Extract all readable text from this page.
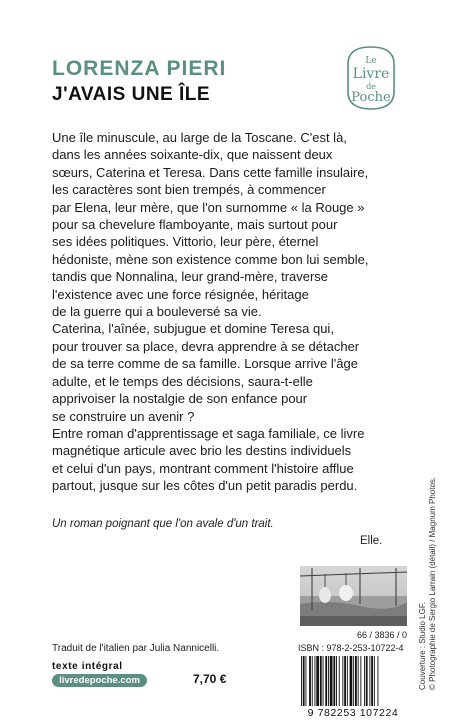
LORENZA PIERI
J'AVAIS UNE ÎLE
Le
Livre
de
Poche

Une île minuscule, au large de la Toscane. C'est là,
dans les années soixante-dix, que naissent deux
sœurs, Caterina et Teresa. Dans cette famille insulaire,
les caractères sont bien trempés, à commencer
par Elena, leur mère, que l'on surnomme « la Rouge »
pour sa chevelure flamboyante, mais surtout pour
ses idées politiques. Vittorio, leur père, éternel
hédoniste, mène son existence comme bon lui semble,
tandis que Nonnalina, leur grand-mère, traverse
l'existence avec une force résignée, héritage
de la guerre qui a bouleversé sa vie.

Caterina, l'aînée, subjugue et domine Teresa qui,
pour trouver sa place, devra apprendre à se détacher
de sa terre comme de sa famille. Lorsque arrive l'âge
adulte, et le temps des décisions, saura-t-elle
apprivoiser la nostalgie de son enfance pour
se construire un avenir ?

Entre roman d'apprentissage et saga familiale, ce livre
magnétique articule avec brio les destins individuels
et celui d'un pays, montrant comment l'histoire afflue
partout, jusque sur les côtes d'un petit paradis perdu.

Un roman poignant que l'on avale d'un trait.
Elle.
66 / 3836 / 0
ISBN : 978-2-253-10722-4
9 782253 107224
Traduit de l'italien par Julia Nannicelli.
texte intégral
livredepoche.com	7,70 €	Couverture : Studio LGF. © Photographie de Sergio Larrain (détail) / Magnum Photos.
